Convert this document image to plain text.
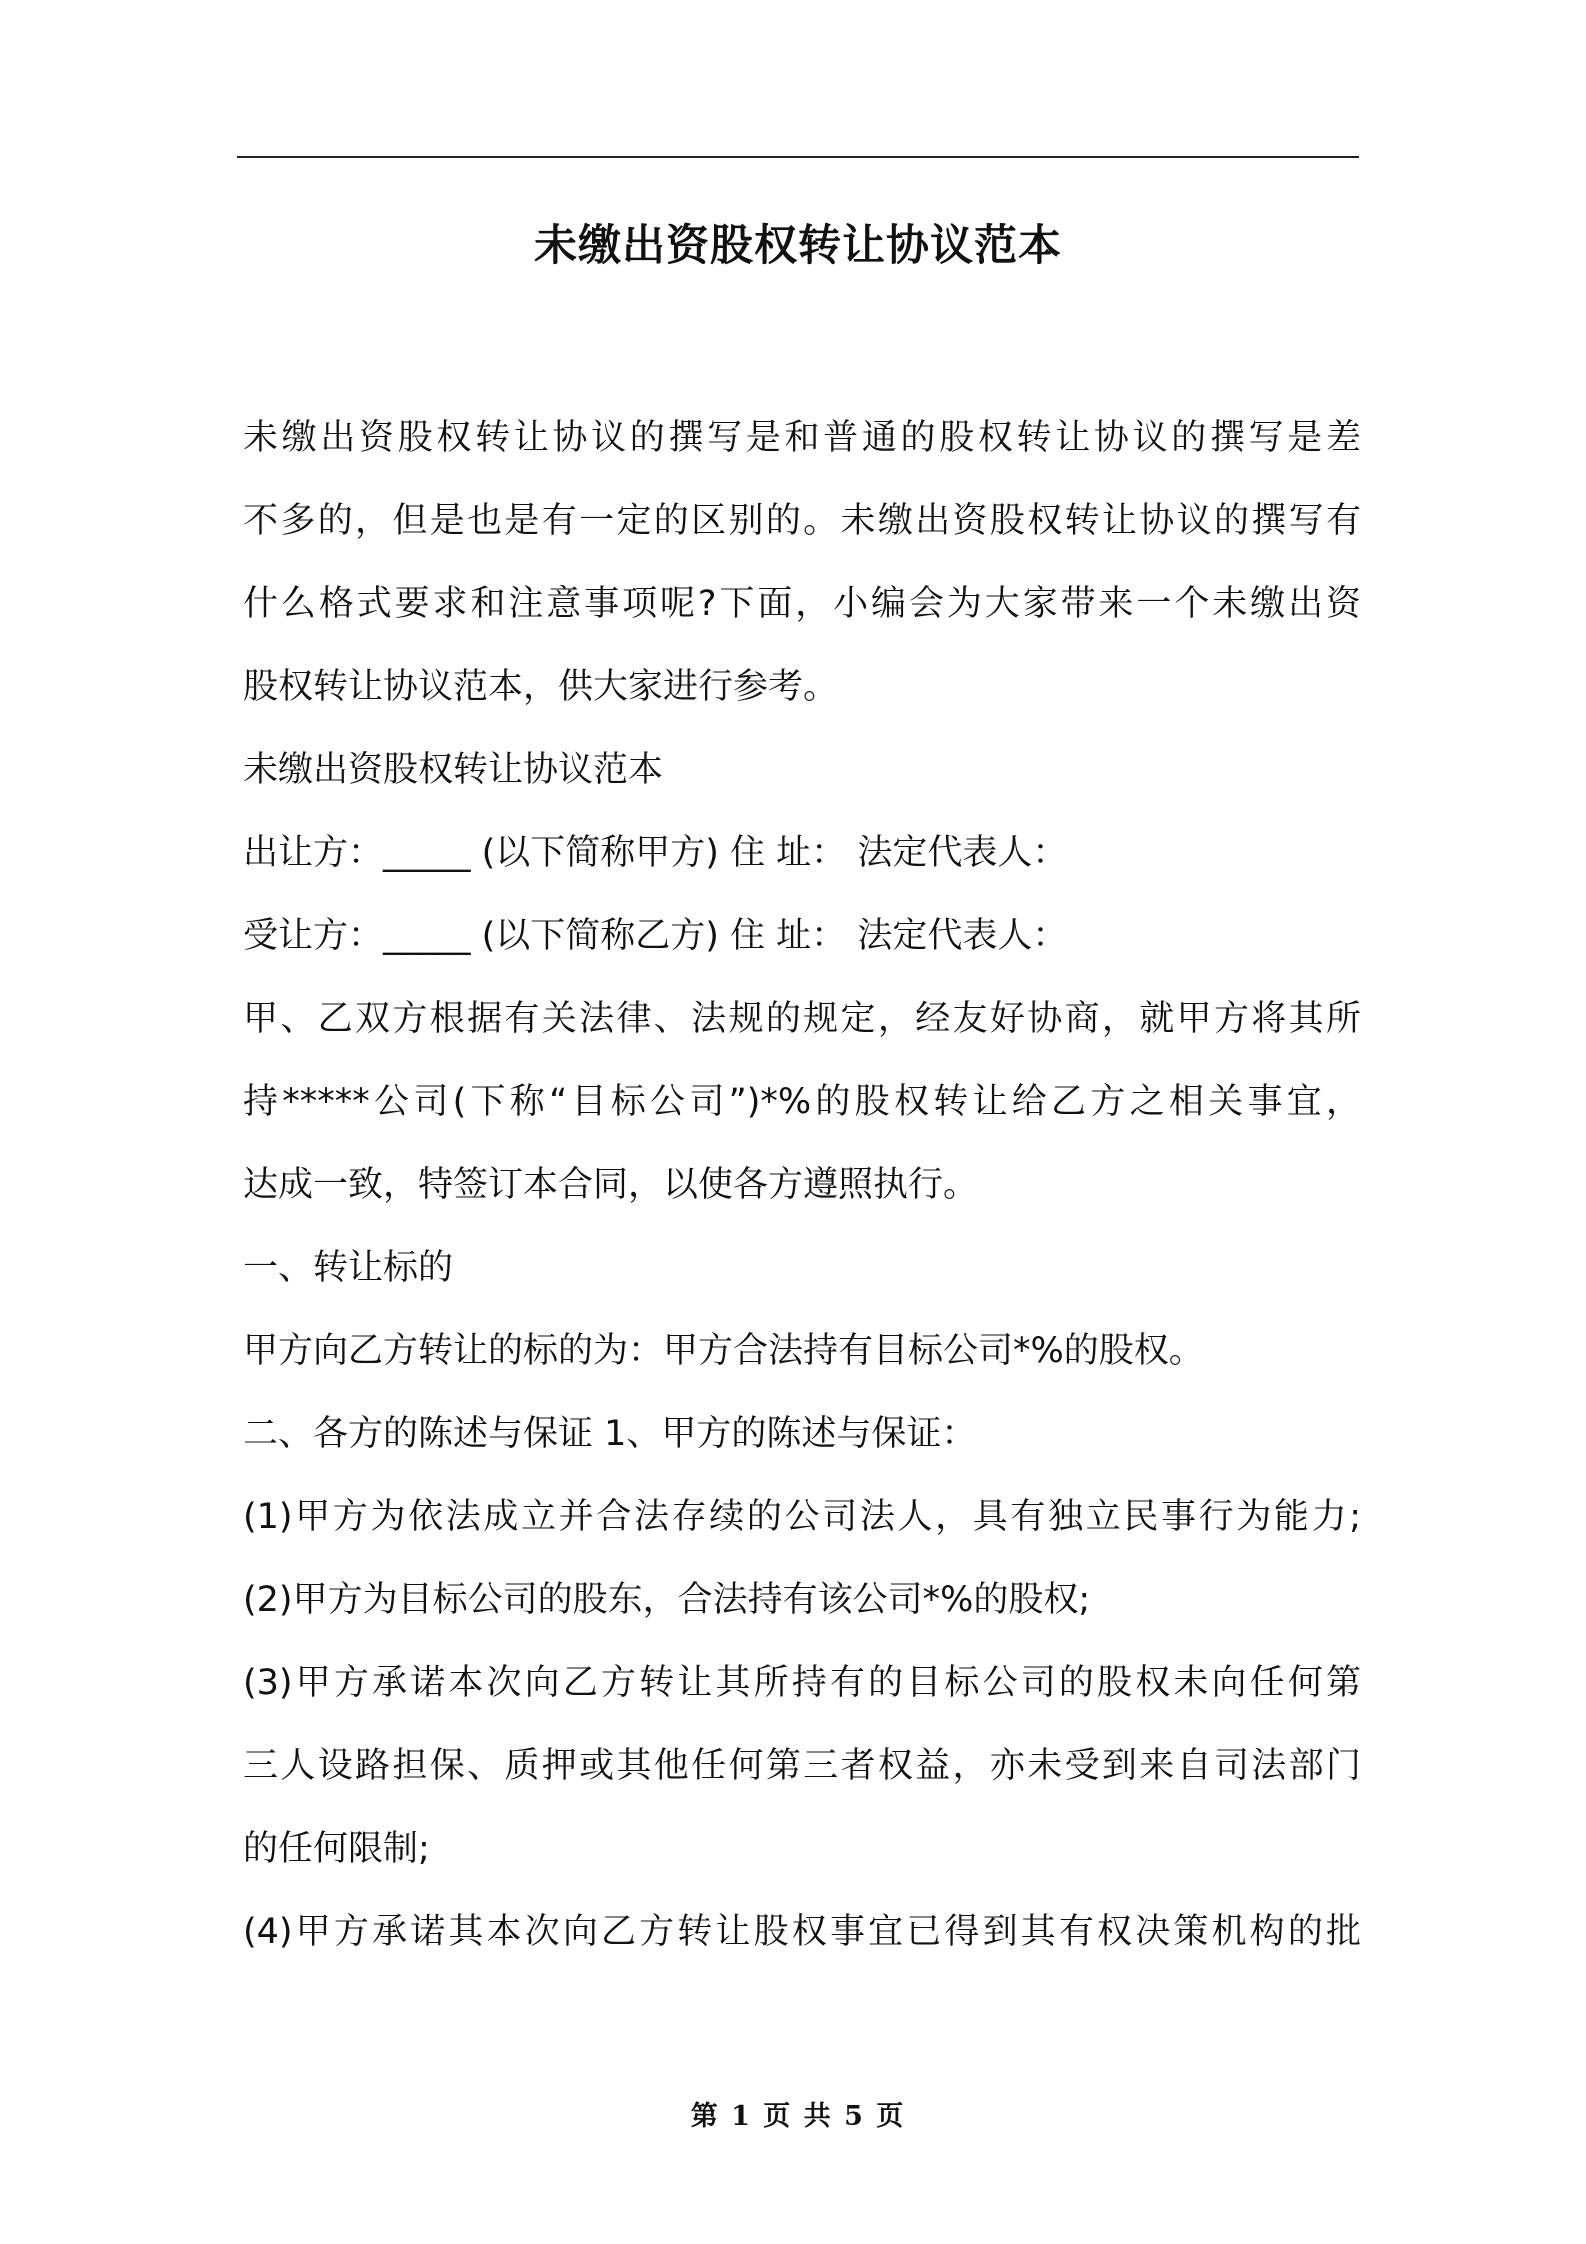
未缴出资股权转让协议范本
未缴出资股权转让协议的撰写是和普通的股权转让协议的撰写是差
不多的，但是也是有一定的区别的。未缴出资股权转让协议的撰写有
什么格式要求和注意事项呢?下面，小编会为大家带来一个未缴出资
股权转让协议范本，供大家进行参考。
未缴出资股权转让协议范本
出让方：_____ (以下简称甲方) 住 址： 法定代表人：
受让方：_____ (以下简称乙方) 住 址： 法定代表人：
甲、乙双方根据有关法律、法规的规定，经友好协商，就甲方将其所
持*****公司(下称“目标公司”)*%的股权转让给乙方之相关事宜，
达成一致，特签订本合同，以使各方遵照执行。
一、转让标的
甲方向乙方转让的标的为：甲方合法持有目标公司*%的股权。
二、各方的陈述与保证 1、甲方的陈述与保证：
(1)甲方为依法成立并合法存续的公司法人，具有独立民事行为能力;
(2)甲方为目标公司的股东，合法持有该公司*%的股权;
(3)甲方承诺本次向乙方转让其所持有的目标公司的股权未向任何第
三人设路担保、质押或其他任何第三者权益，亦未受到来自司法部门
的任何限制;
(4)甲方承诺其本次向乙方转让股权事宜已得到其有权决策机构的批
第 1 页 共 5 页
